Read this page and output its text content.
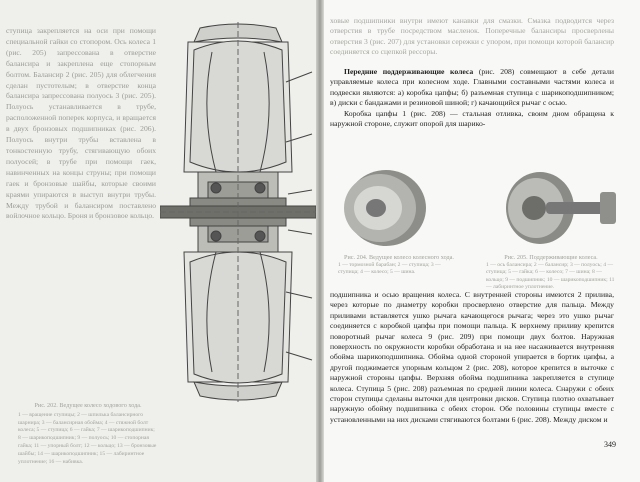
ступица закрепляется на оси при помощи специальной гайки со стопором. Ось колеса 1 (рис. 205) запрессована в отверстие балансира и закреплена еще стопорным болтом. Балансир 2 (рис. 205) для облегчения сделан пустотелым; в отверстие конца балансира запрессована полуось 3 (рис. 205). Полуось устанавливается в трубе, расположенной поперек корпуса, и вращается в двух бронзовых подшипниках (рис. 206). Полуось внутри трубы вставлена в тонкостенную трубу, стягивающую обоих полуосей; в трубе при помощи гаек, навинченных на концы струны; при помощи гаек и бронзовые шайбы, которые своими краями упираются в выступ внутри трубы. Между трубой и балансиром поставлено войлочное кольцо. Броня и бронзовое кольцо.

Рис. 202. Ведущее колесо ходового хода.
1 — вращение ступицы; 2 — шпилька балансирного шарнира; 3 — балансирная обойма; 4 — стяжной болт колеса; 5 — ступица; 6 — гайка; 7 — шарикоподшипник; 8 — шарикоподшипник; 9 — полуось; 10 — стопорная гайка; 11 — упорный болт; 12 — кольцо; 13 — бронзовые шайбы; 14 — шарикоподшипник; 15 — лабиринтное уплотнение; 16 — набивка.
ховые подшипники внутри имеют канавки для смазки. Смазка подводится через отверстия в трубе посредством масленок. Поперечные балансиры просверлены отверстия 3 (рис. 207) для установки сережки с упором, при помощи которой балансир соединяется со сцепкой рессоры.

Передние поддерживающие колеса (рис. 208) совмещают в себе детали управляемые колеса при колесном ходе. Главными составными частями колеса и подвески являются: а) коробка цапфы; б) разъемная ступица с шарикоподшипником; в) диски с бандажами и резиновой шиной; г) качающийся рычаг с осью.

Коробка цапфы 1 (рис. 208) — стальная отливка, своим дном обращена к наружной стороне, служит опорой для шарико-

Рис. 204. Ведущее колесо колесного хода.
1 — тормозной барабан; 2 — ступица; 3 — ступица; 4 — колесо; 5 — шина.
Рис. 205. Поддерживающие колеса.
1 — ось балансира; 2 — балансир; 3 — полуось; 4 — ступица; 5 — гайка; 6 — колесо; 7 — шина; 8 — кольцо; 9 — подшипник; 10 — шарикоподшипник; 11 — лабиринтное уплотнение.

подшипника и осью вращения колеса. С внутренней стороны имеются 2 прилива, через которые по диаметру коробки просверлено отверстие для пальца. Между приливами вставляется ушко рычага качающегося рычага; через это ушко рычаг соединяется с коробкой цапфы при помощи пальца. К верхнему приливу крепится поворотный рычаг колеса 9 (рис. 209) при помощи двух болтов. Наружная поверхность по окружности коробки обработана и на нее насаживается внутренняя обойма шарикоподшипника. Обойма одной стороной упирается в бортик цапфы, а другой поджимается упорным кольцом 2 (рис. 208), которое крепится в выточке с наружной стороны цапфы. Верхняя обойма подшипника закрепляется в ступице колеса. Ступица 5 (рис. 208) разъемная по средней линии колеса. Снаружи с обеих сторон ступицы сделаны выточки для центровки дисков. Ступица плотно охватывает наружную обойму подшипника с обеих сторон. Обе половины ступицы вместе с установленными на них дисками стягиваются болтами 6 (рис. 208). Между диском и

349
